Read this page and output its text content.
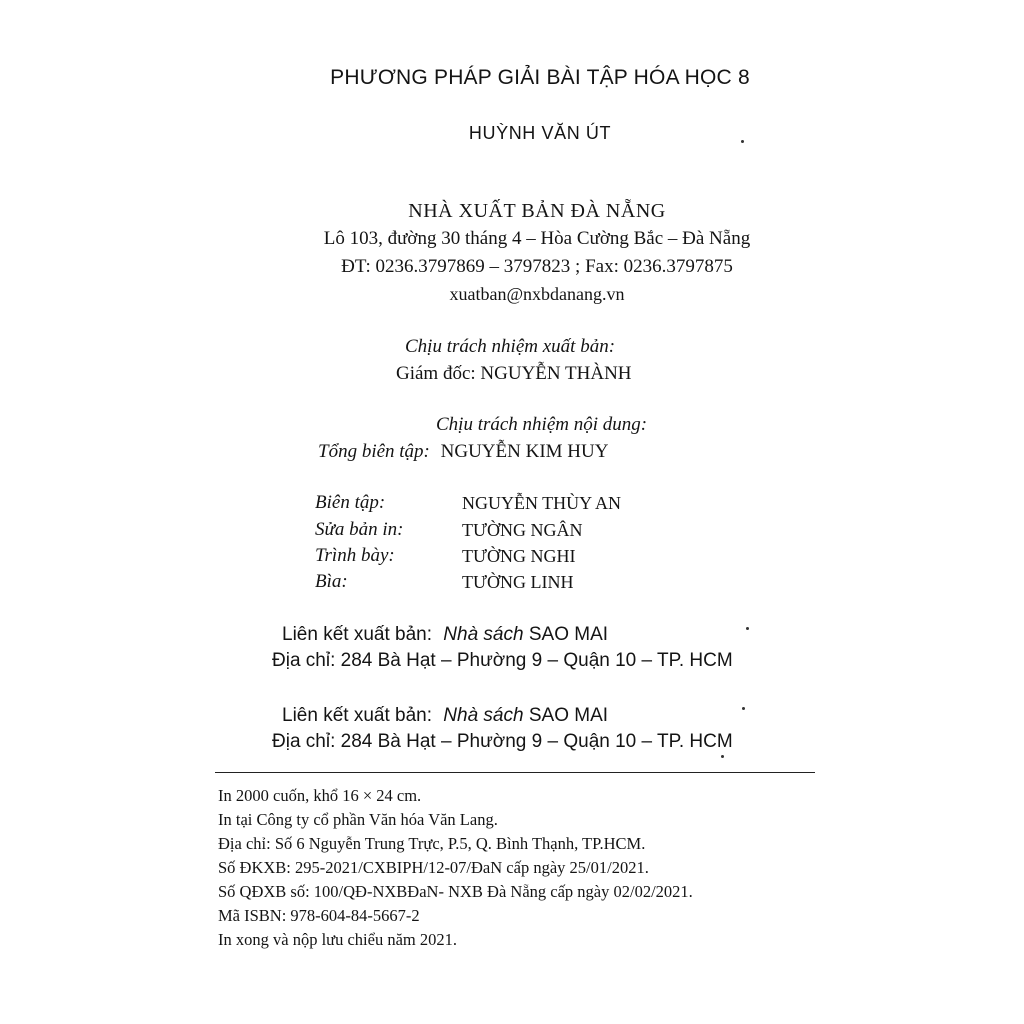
PHƯƠNG PHÁP GIẢI BÀI TẬP HÓA HỌC 8
HUỲNH VĂN ÚT
NHÀ XUẤT BẢN ĐÀ NẴNG
Lô 103, đường 30 tháng 4 – Hòa Cường Bắc – Đà Nẵng
ĐT: 0236.3797869 – 3797823 ; Fax: 0236.3797875
xuatban@nxbdanang.vn
Chịu trách nhiệm xuất bản:
Giám đốc: NGUYỄN THÀNH
Chịu trách nhiệm nội dung:
Tổng biên tập: NGUYỄN KIM HUY
Biên tập:	NGUYỄN THÙY AN
Sửa bản in:	TƯỜNG NGÂN
Trình bày:	TƯỜNG NGHI
Bìa:	TƯỜNG LINH
Liên kết xuất bản: Nhà sách SAO MAI
Địa chỉ: 284 Bà Hạt – Phường 9 – Quận 10 – TP. HCM
Liên kết xuất bản: Nhà sách SAO MAI
Địa chỉ: 284 Bà Hạt – Phường 9 – Quận 10 – TP. HCM
In 2000 cuốn, khổ 16 × 24 cm.
In tại Công ty cổ phần Văn hóa Văn Lang.
Địa chỉ: Số 6 Nguyễn Trung Trực, P.5, Q. Bình Thạnh, TP.HCM.
Số ĐKXB: 295-2021/CXBIPH/12-07/ĐaN cấp ngày 25/01/2021.
Số QĐXB số: 100/QĐ-NXBĐaN- NXB Đà Nẵng cấp ngày 02/02/2021.
Mã ISBN: 978-604-84-5667-2
In xong và nộp lưu chiểu năm 2021.
